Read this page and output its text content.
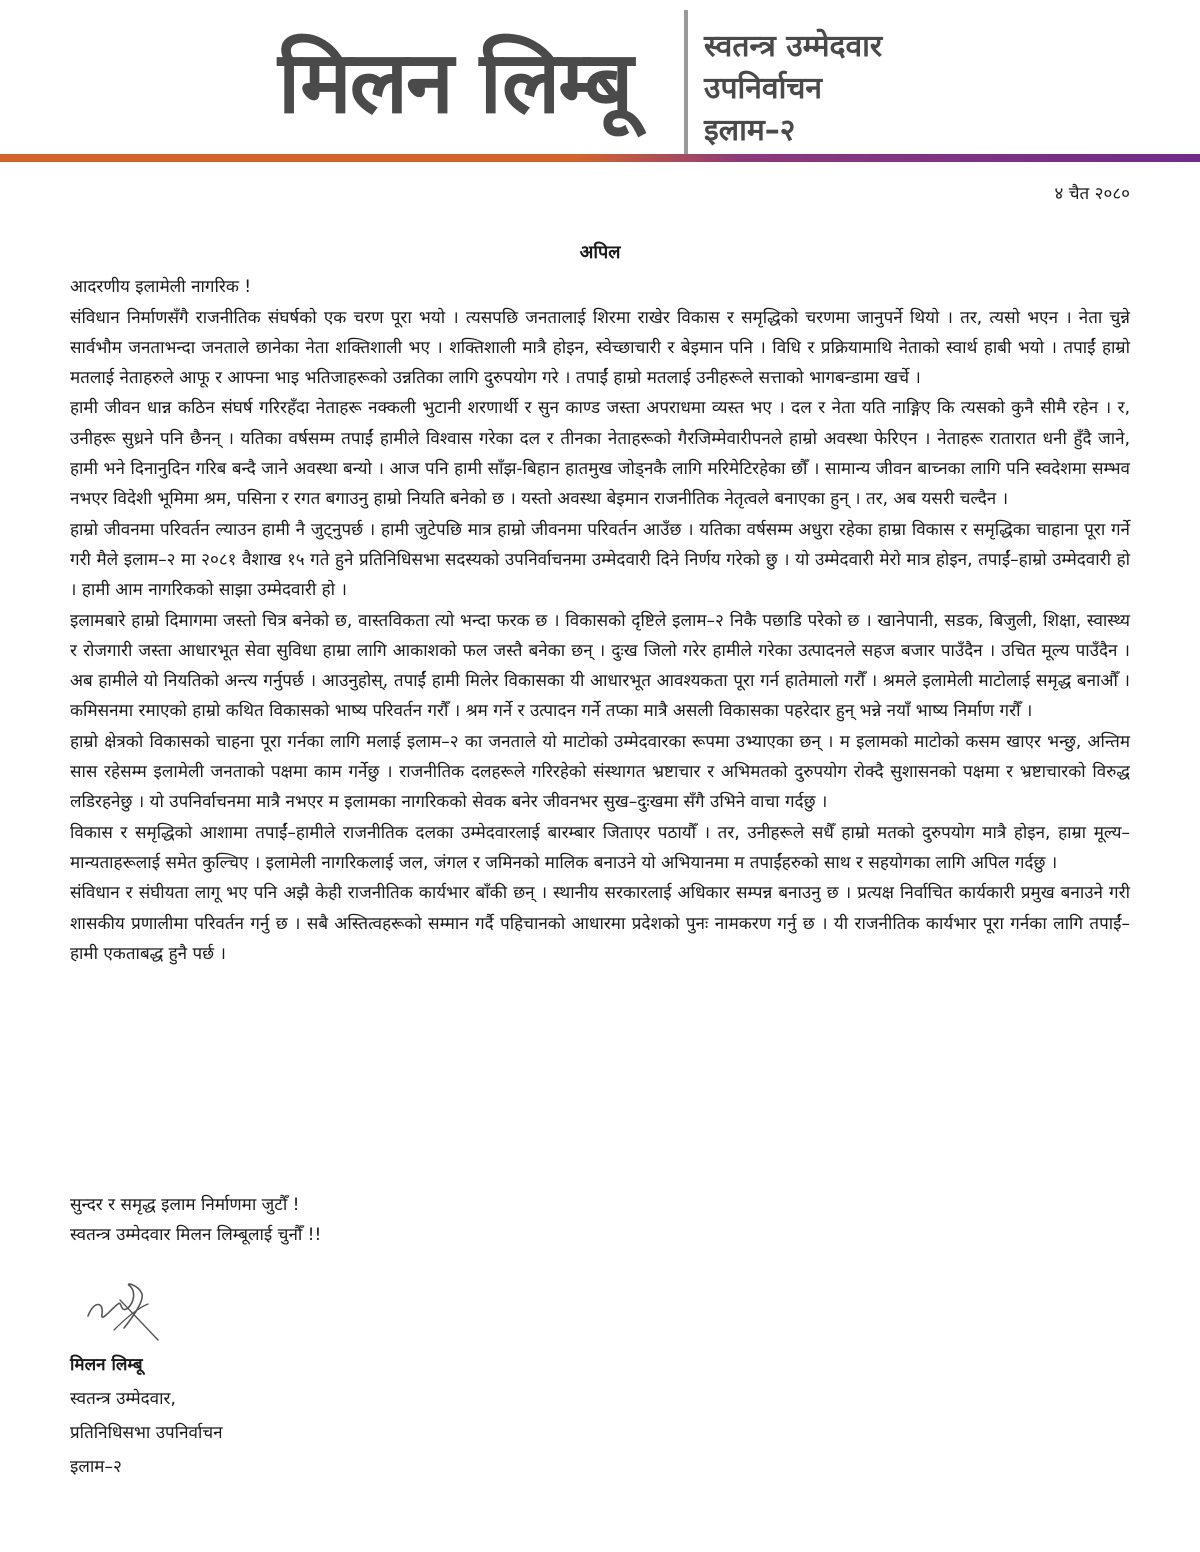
मिलन लिम्बू	स्वतन्त्र उम्मेदवार
उपनिर्वाचन
इलाम–२
४ चैत २०८०
अपिल

आदरणीय इलामेली नागरिक !

संविधान निर्माणसँगै राजनीतिक संघर्षको एक चरण पूरा भयो । त्यसपछि जनतालाई शिरमा राखेर विकास र समृद्धिको चरणमा जानुपर्ने थियो । तर, त्यसो भएन । नेता चुन्ने सार्वभौम जनताभन्दा जनताले छानेका नेता शक्तिशाली भए । शक्तिशाली मात्रै होइन, स्वेच्छाचारी र बेइमान पनि । विधि र प्रक्रियामाथि नेताको स्वार्थ हाबी भयो । तपाईं हाम्रो मतलाई नेताहरुले आफू र आफ्ना भाइ भतिजाहरूको उन्नतिका लागि दुरुपयोग गरे । तपाईं हाम्रो मतलाई उनीहरूले सत्ताको भागबन्डामा खर्चे ।

हामी जीवन धान्न कठिन संघर्ष गरिरहँदा नेताहरू नक्कली भुटानी शरणार्थी र सुन काण्ड जस्ता अपराधमा व्यस्त भए । दल र नेता यति नाङ्गिए कि त्यसको कुनै सीमै रहेन । र, उनीहरू सुध्रने पनि छैनन् । यतिका वर्षसम्म तपाईं हामीले विश्वास गरेका दल र तीनका नेताहरूको गैरजिम्मेवारीपनले हाम्रो अवस्था फेरिएन । नेताहरू रातारात धनी हुँदै जाने, हामी भने दिनानुदिन गरिब बन्दै जाने अवस्था बन्यो । आज पनि हामी साँझ-बिहान हातमुख जोड्नकै लागि मरिमेटिरहेका छौँ । सामान्य जीवन बाच्नका लागि पनि स्वदेशमा सम्भव नभएर विदेशी भूमिमा श्रम, पसिना र रगत बगाउनु हाम्रो नियति बनेको छ । यस्तो अवस्था बेइमान राजनीतिक नेतृत्वले बनाएका हुन् । तर, अब यसरी चल्दैन ।

हाम्रो जीवनमा परिवर्तन ल्याउन हामी नै जुट्नुपर्छ । हामी जुटेपछि मात्र हाम्रो जीवनमा परिवर्तन आउँछ । यतिका वर्षसम्म अधुरा रहेका हाम्रा विकास र समृद्धिका चाहाना पूरा गर्ने गरी मैले इलाम–२ मा २०८१ वैशाख १५ गते हुने प्रतिनिधिसभा सदस्यको उपनिर्वाचनमा उम्मेदवारी दिने निर्णय गरेको छु । यो उम्मेदवारी मेरो मात्र होइन, तपाईं–हाम्रो उम्मेदवारी हो । हामी आम नागरिकको साझा उम्मेदवारी हो ।

इलामबारे हाम्रो दिमागमा जस्तो चित्र बनेको छ, वास्तविकता त्यो भन्दा फरक छ । विकासको दृष्टिले इलाम–२ निकै पछाडि परेको छ । खानेपानी, सडक, बिजुली, शिक्षा, स्वास्थ्य र रोजगारी जस्ता आधारभूत सेवा सुविधा हाम्रा लागि आकाशको फल जस्तै बनेका छन् । दुःख जिलो गरेर हामीले गरेका उत्पादनले सहज बजार पाउँदैन । उचित मूल्य पाउँदैन ।अब हामीले यो नियतिको अन्त्य गर्नुपर्छ । आउनुहोस्, तपाईं हामी मिलेर विकासका यी आधारभूत आवश्यकता पूरा गर्न हातेमालो गरौँ । श्रमले इलामेली माटोलाई समृद्ध बनाऔँ । कमिसनमा रमाएको हाम्रो कथित विकासको भाष्य परिवर्तन गरौँ । श्रम गर्ने र उत्पादन गर्ने तप्का मात्रै असली विकासका पहरेदार हुन् भन्ने नयाँ भाष्य निर्माण गरौँ ।

हाम्रो क्षेत्रको विकासको चाहना पूरा गर्नका लागि मलाई इलाम–२ का जनताले यो माटोको उम्मेदवारका रूपमा उभ्याएका छन् । म इलामको माटोको कसम खाएर भन्छु, अन्तिम सास रहेसम्म इलामेली जनताको पक्षमा काम गर्नेछु । राजनीतिक दलहरूले गरिरहेको संस्थागत भ्रष्टाचार र अभिमतको दुरुपयोग रोक्दै सुशासनको पक्षमा र भ्रष्टाचारको विरुद्ध लडिरहनेछु । यो उपनिर्वाचनमा मात्रै नभएर म इलामका नागरिकको सेवक बनेर जीवनभर सुख–दुःखमा सँगै उभिने वाचा गर्दछु ।

विकास र समृद्धिको आशामा तपाईं–हामीले राजनीतिक दलका उम्मेदवारलाई बारम्बार जिताएर पठायौँ । तर, उनीहरूले सधैँ हाम्रो मतको दुरुपयोग मात्रै होइन, हाम्रा मूल्य–मान्यताहरूलाई समेत कुल्चिए । इलामेली नागरिकलाई जल, जंगल र जमिनको मालिक बनाउने यो अभियानमा म तपाईंहरुको साथ र सहयोगका लागि अपिल गर्दछु ।

संविधान र संघीयता लागू भए पनि अझै केही राजनीतिक कार्यभार बाँकी छन् । स्थानीय सरकारलाई अधिकार सम्पन्न बनाउनु छ । प्रत्यक्ष निर्वाचित कार्यकारी प्रमुख बनाउने गरी शासकीय प्रणालीमा परिवर्तन गर्नु छ । सबै अस्तित्वहरूको सम्मान गर्दै पहिचानको आधारमा प्रदेशको पुनः नामकरण गर्नु छ । यी राजनीतिक कार्यभार पूरा गर्नका लागि तपाईं–हामी एकताबद्ध हुनै पर्छ ।

सुन्दर र समृद्ध इलाम निर्माणमा जुटौँ !
स्वतन्त्र उम्मेदवार मिलन लिम्बूलाई चुनौँ !!
मिलन लिम्बू
स्वतन्त्र उम्मेदवार,
प्रतिनिधिसभा उपनिर्वाचन
इलाम–२
